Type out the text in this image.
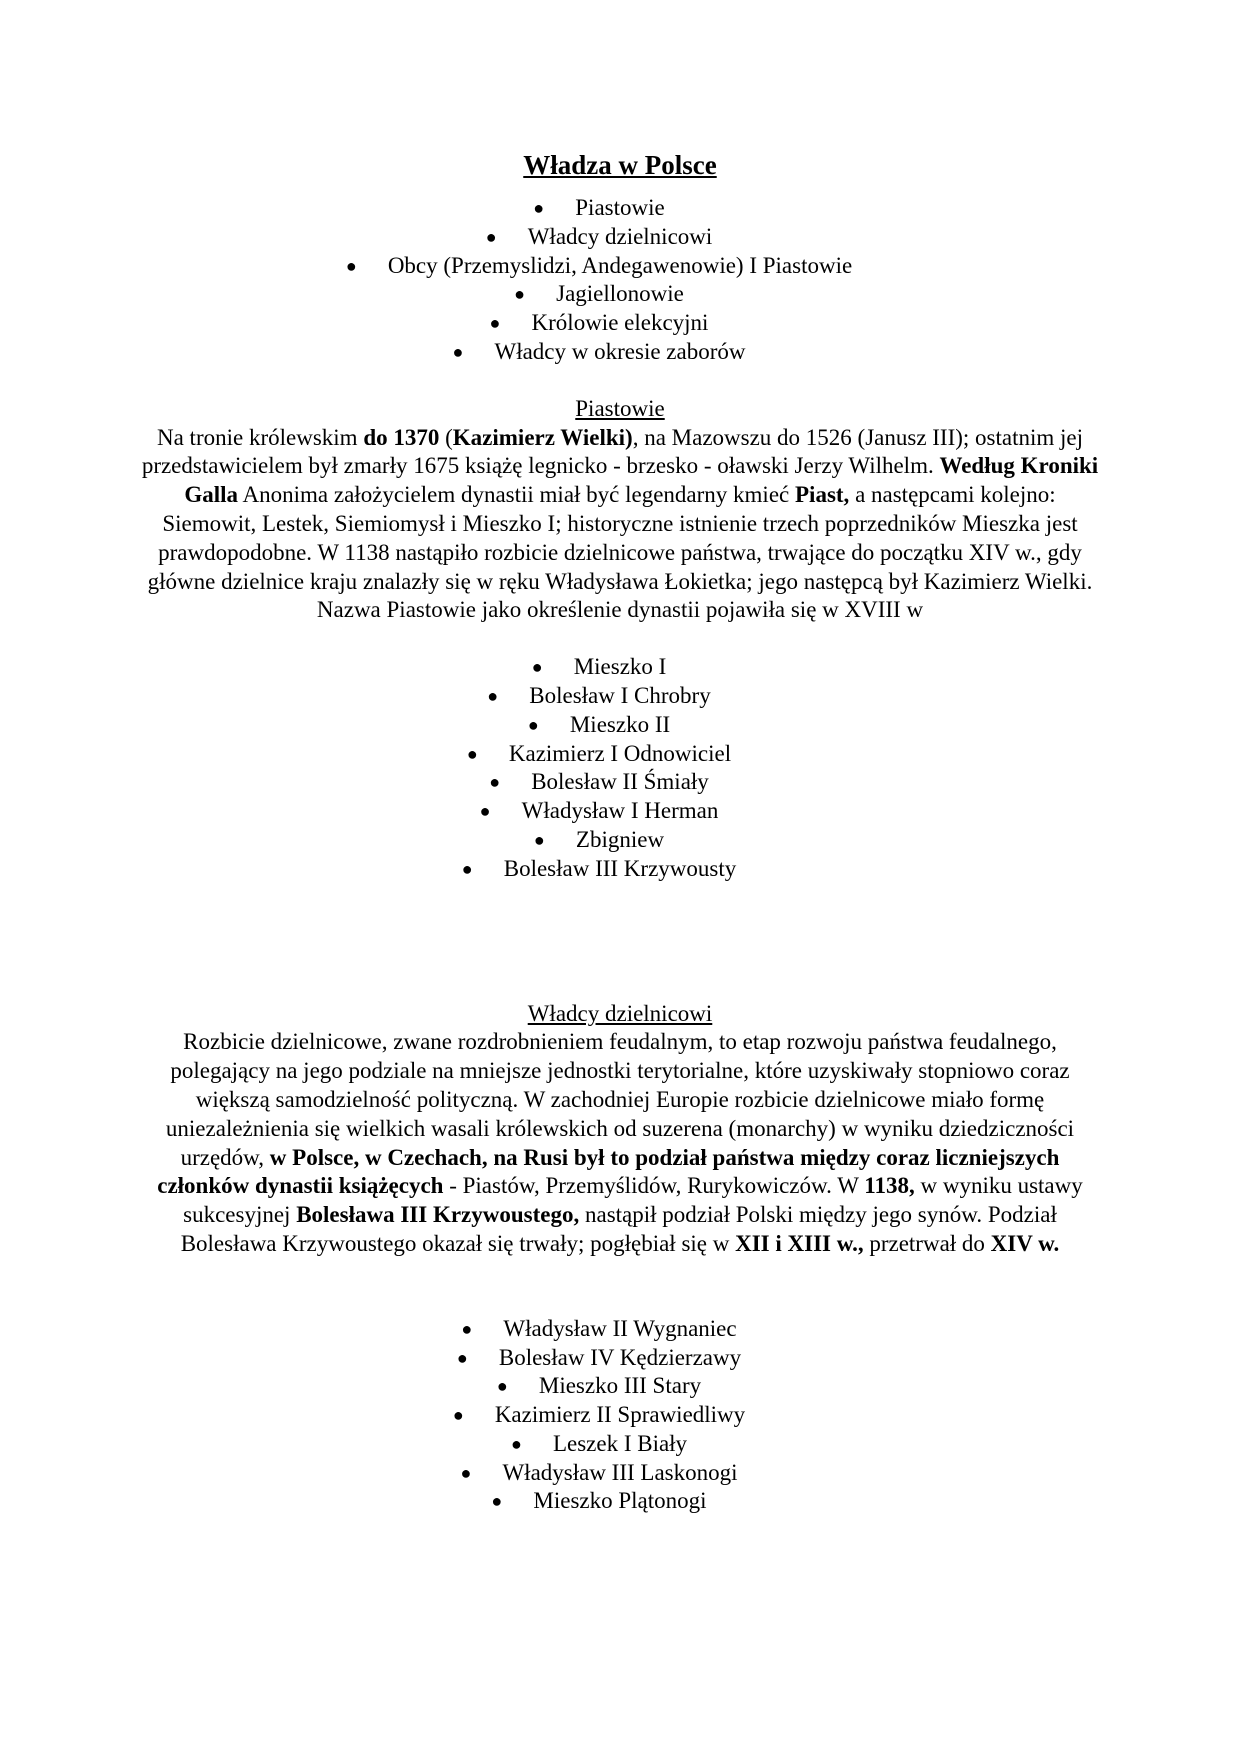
Władza w Polsce
● Piastowie
● Władcy dzielnicowi
● Obcy (Przemyslidzi, Andegawenowie) I Piastowie
● Jagiellonowie
● Królowie elekcyjni
● Władcy w okresie zaborów

Piastowie

Na tronie królewskim do 1370 (Kazimierz Wielki), na Mazowszu do 1526 (Janusz III); ostatnim jej przedstawicielem był zmarły 1675 książę legnicko - brzesko - oławski Jerzy Wilhelm. Według Kroniki Galla Anonima założycielem dynastii miał być legendarny kmieć Piast, a następcami kolejno: Siemowit, Lestek, Siemiomysł i Mieszko I; historyczne istnienie trzech poprzedników Mieszka jest prawdopodobne. W 1138 nastąpiło rozbicie dzielnicowe państwa, trwające do początku XIV w., gdy główne dzielnice kraju znalazły się w ręku Władysława Łokietka; jego następcą był Kazimierz Wielki. Nazwa Piastowie jako określenie dynastii pojawiła się w XVIII w

● Mieszko I
● Bolesław I Chrobry
● Mieszko II
● Kazimierz I Odnowiciel
● Bolesław II Śmiały
● Władysław I Herman
● Zbigniew
● Bolesław III Krzywousty

Władcy dzielnicowi

Rozbicie dzielnicowe, zwane rozdrobnieniem feudalnym, to etap rozwoju państwa feudalnego, polegający na jego podziale na mniejsze jednostki terytorialne, które uzyskiwały stopniowo coraz większą samodzielność polityczną. W zachodniej Europie rozbicie dzielnicowe miało formę uniezależnienia się wielkich wasali królewskich od suzerena (monarchy) w wyniku dziedziczności urzędów, w Polsce, w Czechach, na Rusi był to podział państwa między coraz liczniejszych członków dynastii książęcych - Piastów, Przemyślidów, Rurykowiczów. W 1138, w wyniku ustawy sukcesyjnej Bolesława III Krzywoustego, nastąpił podział Polski między jego synów. Podział Bolesława Krzywoustego okazał się trwały; pogłębiał się w XII i XIII w., przetrwał do XIV w.

● Władysław II Wygnaniec
● Bolesław IV Kędzierzawy
● Mieszko III Stary
● Kazimierz II Sprawiedliwy
● Leszek I Biały
● Władysław III Laskonogi
● Mieszko Plątonogi
